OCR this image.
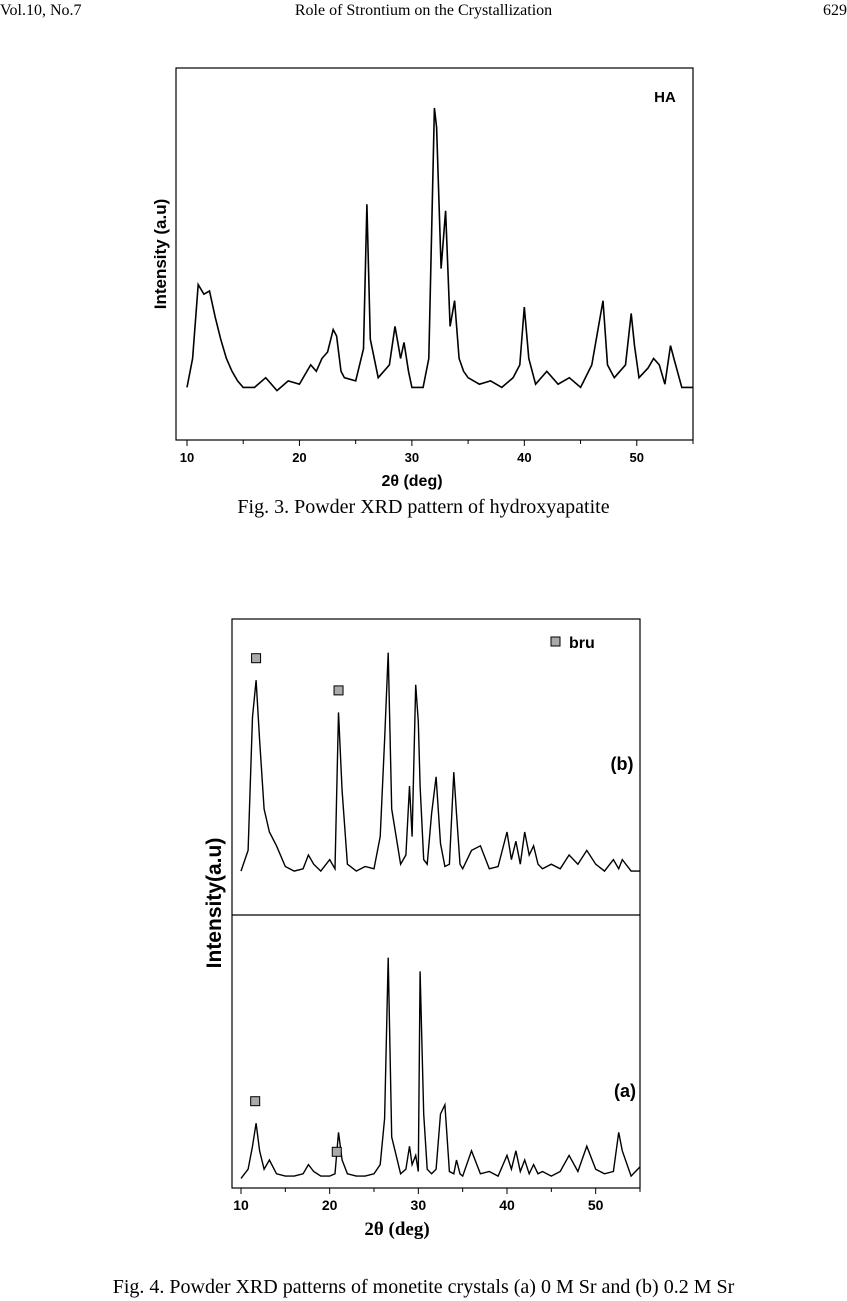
Vol.10, No.7	Role of Strontium on the Crystallization	629
10	20	30	40	50
HA
Intensity (a.u)
2θ (deg)
10	20	30	40	50
bru
(b)
(a)
Intensity(a.u)
2θ (deg)
Fig. 3. Powder XRD pattern of hydroxyapatite
Fig. 4. Powder XRD patterns of monetite crystals (a) 0 M Sr and (b) 0.2 M Sr
